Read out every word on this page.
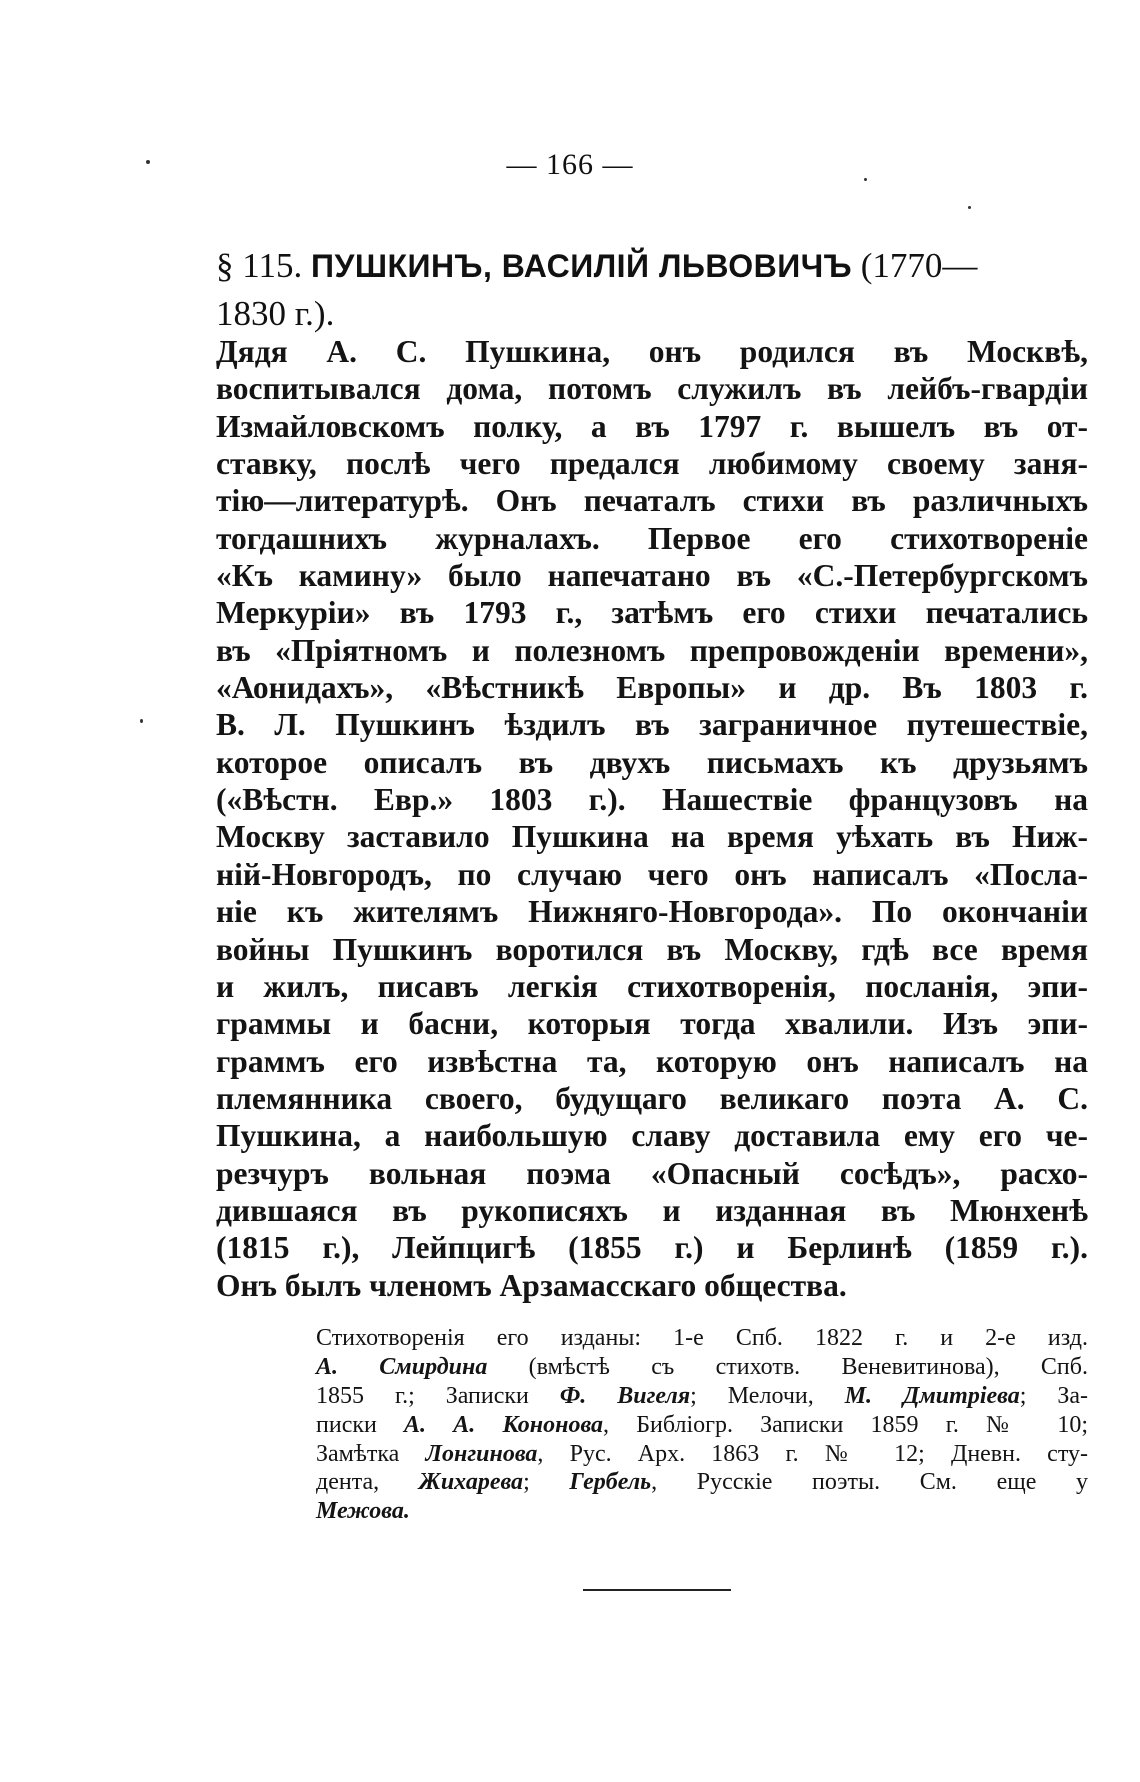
— 166 —
§ 115. ПУШКИНЪ, ВАСИЛІЙ ЛЬВОВИЧЪ (1770—
1830 г.).
Дядя А. С. Пушкина, онъ родился въ Москвѣ,
воспитывался дома, потомъ служилъ въ лейбъ-гвардіи
Измайловскомъ полку, а въ 1797 г. вышелъ въ от-
ставку, послѣ чего предался любимому своему заня-
тію—литературѣ. Онъ печаталъ стихи въ различныхъ
тогдашнихъ журналахъ. Первое его стихотвореніе
«Къ камину» было напечатано въ «С.-Петербургскомъ
Меркуріи» въ 1793 г., затѣмъ его стихи печатались
въ «Пріятномъ и полезномъ препровожденіи времени»,
«Аонидахъ», «Вѣстникѣ Европы» и др. Въ 1803 г.
В. Л. Пушкинъ ѣздилъ въ заграничное путешествіе,
которое описалъ въ двухъ письмахъ къ друзьямъ
(«Вѣстн. Евр.» 1803 г.). Нашествіе французовъ на
Москву заставило Пушкина на время уѣхать въ Ниж-
ній-Новгородъ, по случаю чего онъ написалъ «Посла-
ніе къ жителямъ Нижняго-Новгорода». По окончаніи
войны Пушкинъ воротился въ Москву, гдѣ все время
и жилъ, писавъ легкія стихотворенія, посланія, эпи-
граммы и басни, которыя тогда хвалили. Изъ эпи-
граммъ его извѣстна та, которую онъ написалъ на
племянника своего, будущаго великаго поэта А. С.
Пушкина, а наибольшую славу доставила ему его че-
резчуръ вольная поэма «Опасный сосѣдъ», расхо-
дившаяся въ рукописяхъ и изданная въ Мюнхенѣ
(1815 г.), Лейпцигѣ (1855 г.) и Берлинѣ (1859 г.).
Онъ былъ членомъ Арзамасскаго общества.
Стихотворенія его изданы: 1-е Спб. 1822 г. и 2-е изд.
А. Смирдина (вмѣстѣ съ стихотв. Веневитинова), Спб.
1855 г.; Записки Ф. Вигеля; Мелочи, М. Дмитріева; За-
писки А. А. Кононова, Библіогр. Записки 1859 г. № 10;
Замѣтка Лонгинова, Рус. Арх. 1863 г. № 12; Дневн. сту-
дента, Жихарева; Гербель, Русскіе поэты. См. еще у
Межова.
